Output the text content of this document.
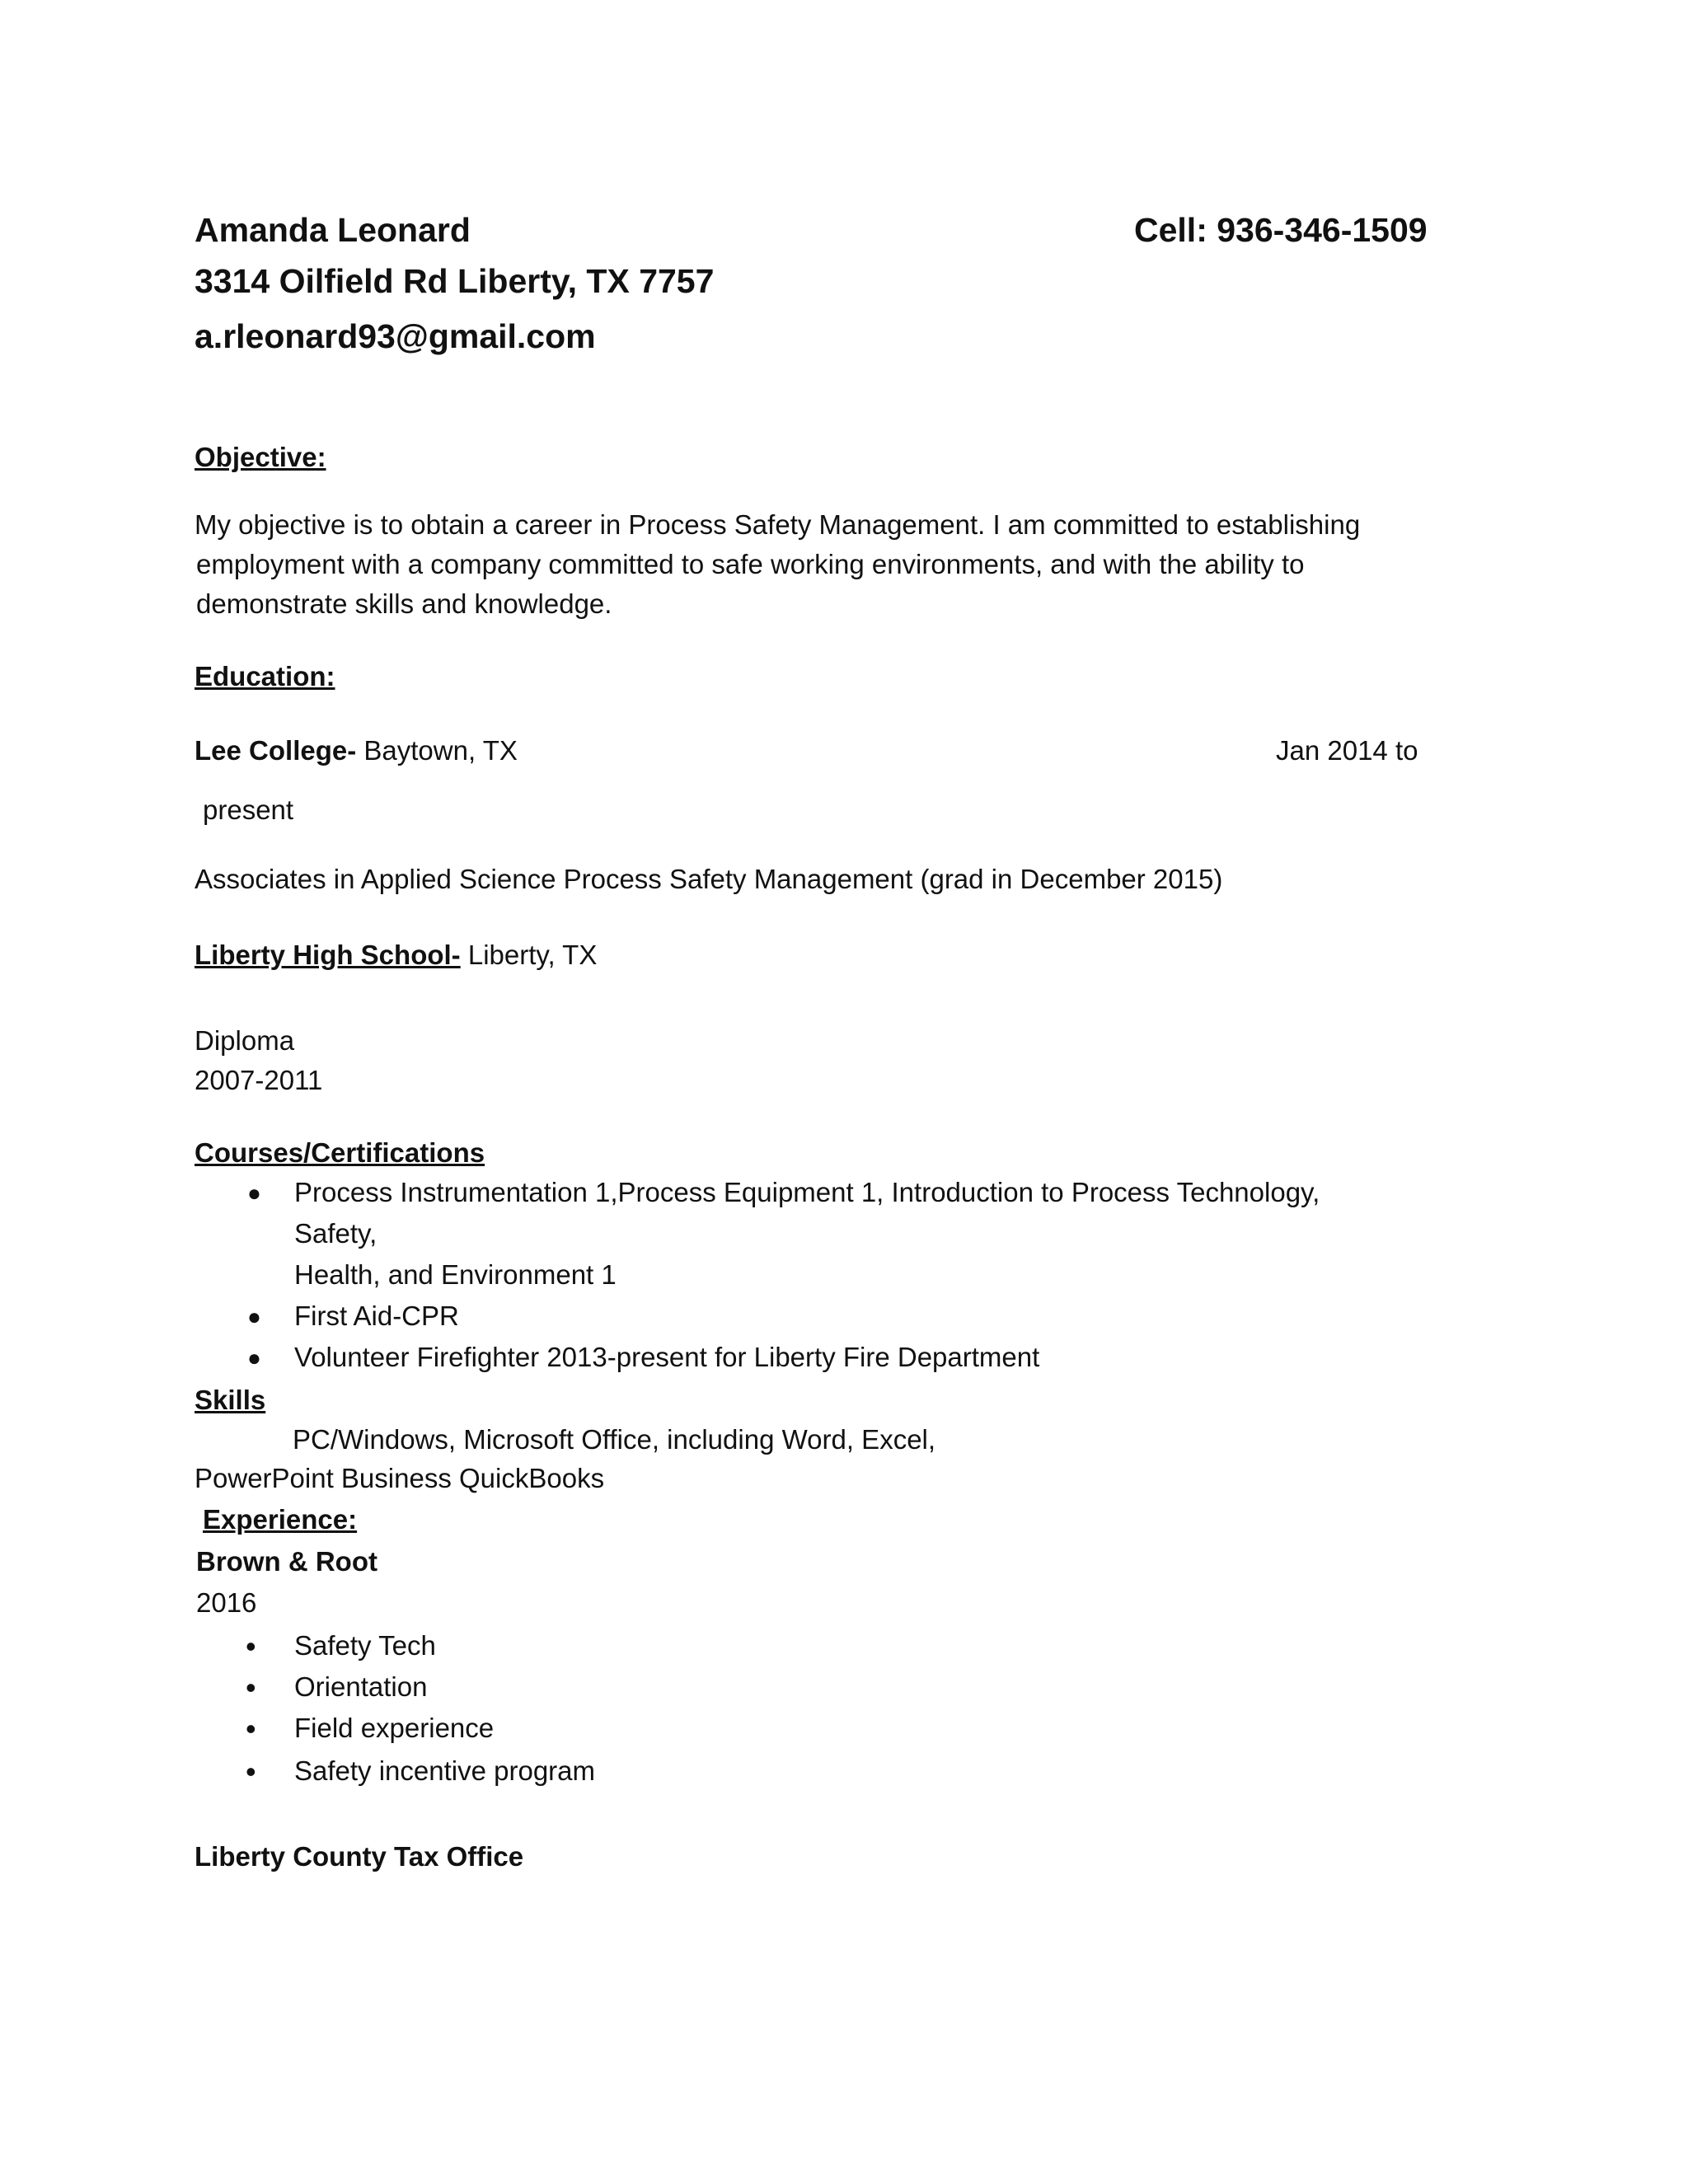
Amanda Leonard	Cell: 936-346-1509
3314 Oilfield Rd Liberty, TX 7757
a.rleonard93@gmail.com
Objective:
My objective is to obtain a career in Process Safety Management. I am committed to establishing
employment with a company committed to safe working environments, and with the ability to
demonstrate skills and knowledge.
Education:
Lee College- Baytown, TX	Jan 2014 to
present
Associates in Applied Science Process Safety Management (grad in December 2015)
Liberty High School- Liberty, TX
Diploma
2007-2011
Courses/Certifications
● Process Instrumentation 1,Process Equipment 1, Introduction to Process Technology,
Safety,
Health, and Environment 1
● First Aid-CPR
● Volunteer Firefighter 2013-present for Liberty Fire Department
Skills
PC/Windows, Microsoft Office, including Word, Excel,
PowerPoint Business QuickBooks
Experience:
Brown & Root
2016
• Safety Tech
• Orientation
• Field experience
• Safety incentive program
Liberty County Tax Office
